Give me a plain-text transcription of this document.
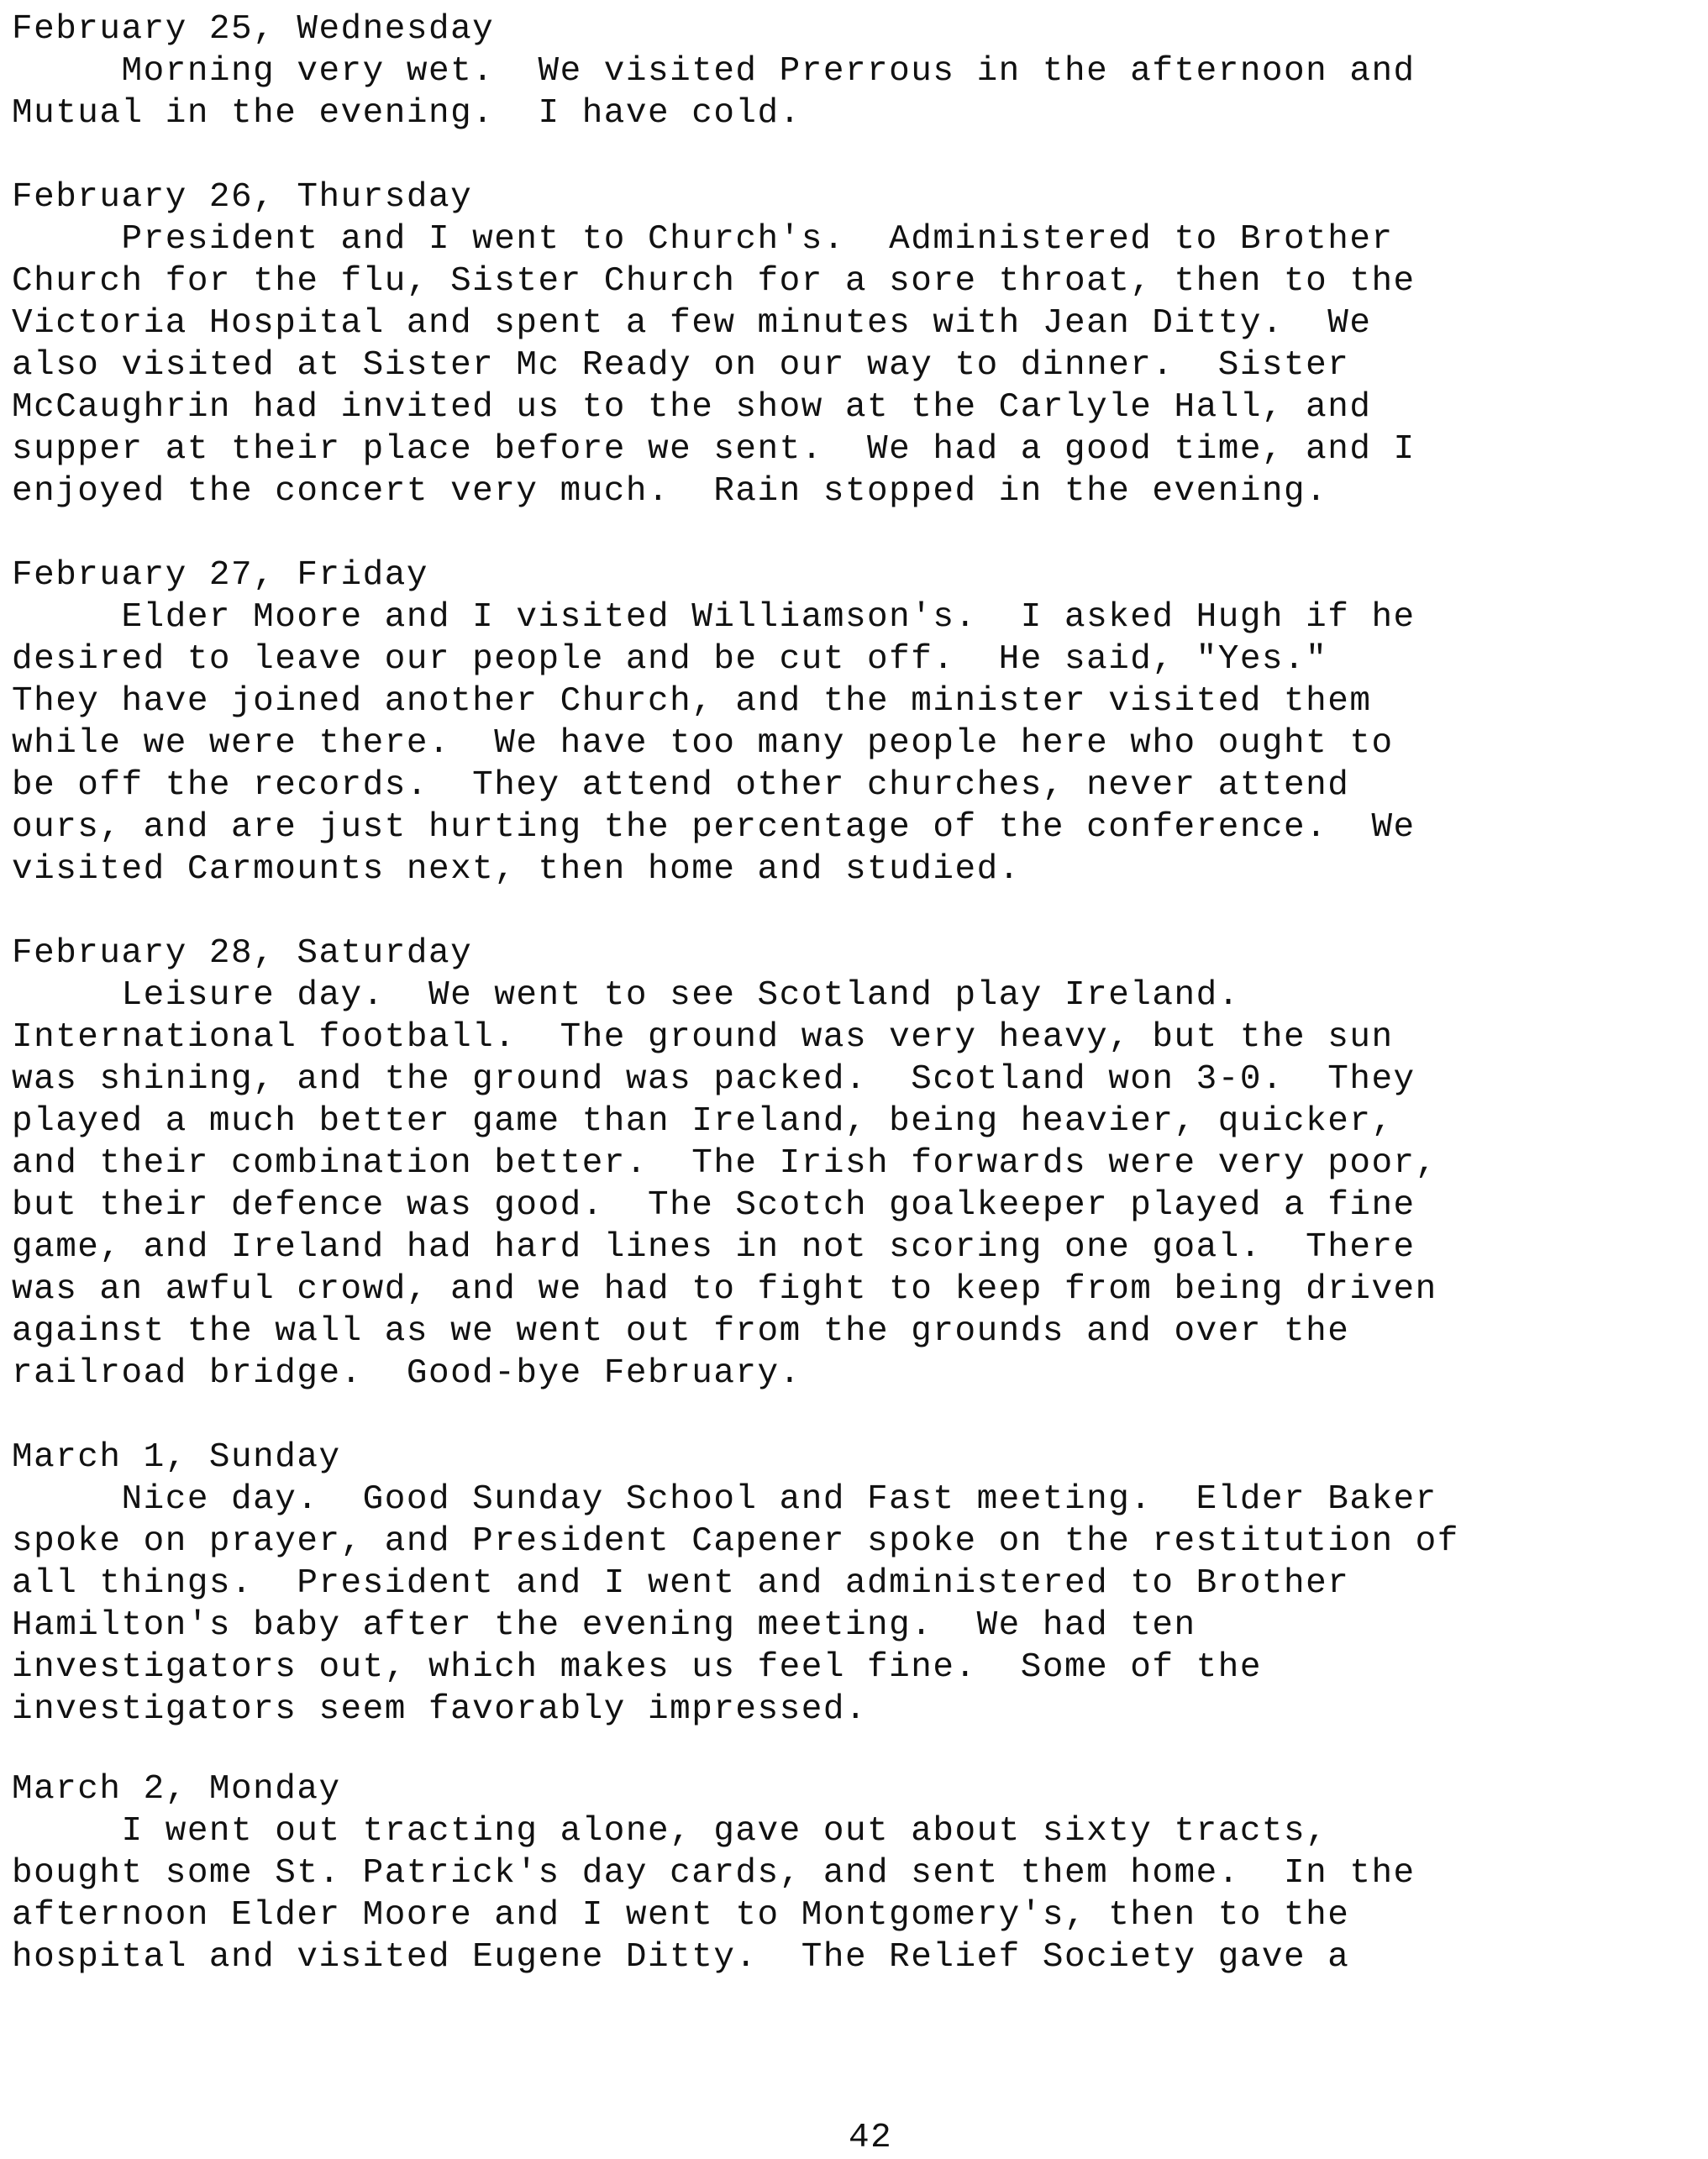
February 25, Wednesday
Morning very wet.  We visited Prerrous in the afternoon and
Mutual in the evening.  I have cold.
February 26, Thursday
President and I went to Church's.  Administered to Brother
Church for the flu, Sister Church for a sore throat, then to the
Victoria Hospital and spent a few minutes with Jean Ditty.  We
also visited at Sister Mc Ready on our way to dinner.  Sister
McCaughrin had invited us to the show at the Carlyle Hall, and
supper at their place before we sent.  We had a good time, and I
enjoyed the concert very much.  Rain stopped in the evening.
February 27, Friday
Elder Moore and I visited Williamson's.  I asked Hugh if he
desired to leave our people and be cut off.  He said, "Yes."
They have joined another Church, and the minister visited them
while we were there.  We have too many people here who ought to
be off the records.  They attend other churches, never attend
ours, and are just hurting the percentage of the conference.  We
visited Carmounts next, then home and studied.
February 28, Saturday
Leisure day.  We went to see Scotland play Ireland.
International football.  The ground was very heavy, but the sun
was shining, and the ground was packed.  Scotland won 3-0.  They
played a much better game than Ireland, being heavier, quicker,
and their combination better.  The Irish forwards were very poor,
but their defence was good.  The Scotch goalkeeper played a fine
game, and Ireland had hard lines in not scoring one goal.  There
was an awful crowd, and we had to fight to keep from being driven
against the wall as we went out from the grounds and over the
railroad bridge.  Good-bye February.
March 1, Sunday
Nice day.  Good Sunday School and Fast meeting.  Elder Baker
spoke on prayer, and President Capener spoke on the restitution of
all things.  President and I went and administered to Brother
Hamilton's baby after the evening meeting.  We had ten
investigators out, which makes us feel fine.  Some of the
investigators seem favorably impressed.
March 2, Monday
I went out tracting alone, gave out about sixty tracts,
bought some St. Patrick's day cards, and sent them home.  In the
afternoon Elder Moore and I went to Montgomery's, then to the
hospital and visited Eugene Ditty.  The Relief Society gave a
42
